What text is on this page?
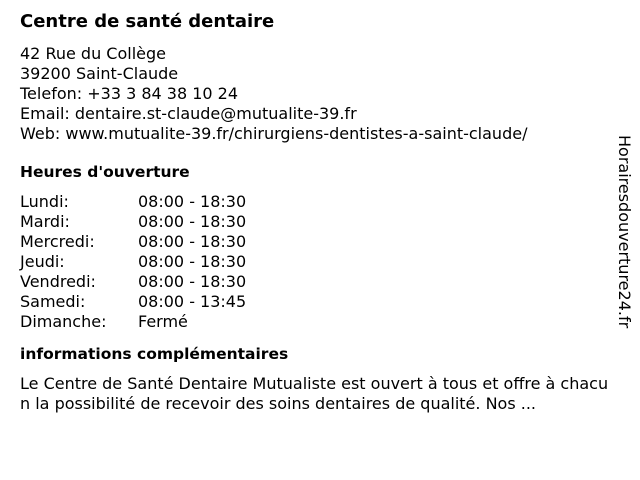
Centre de santé dentaire
42 Rue du Collège
39200 Saint-Claude
Telefon: +33 3 84 38 10 24
Email: dentaire.st-claude@mutualite-39.fr
Web: www.mutualite-39.fr/chirurgiens-dentistes-a-saint-claude/
Heures d'ouverture
Lundi:	08:00 - 18:30
Mardi:	08:00 - 18:30
Mercredi:	08:00 - 18:30
Jeudi:	08:00 - 18:30
Vendredi:	08:00 - 18:30
Samedi:	08:00 - 13:45
Dimanche:	Fermé
informations complémentaires
Le Centre de Santé Dentaire Mutualiste est ouvert à tous et offre à chacun la possibilité de recevoir des soins dentaires de qualité. Nos ...
Horairesdouverture24.fr
